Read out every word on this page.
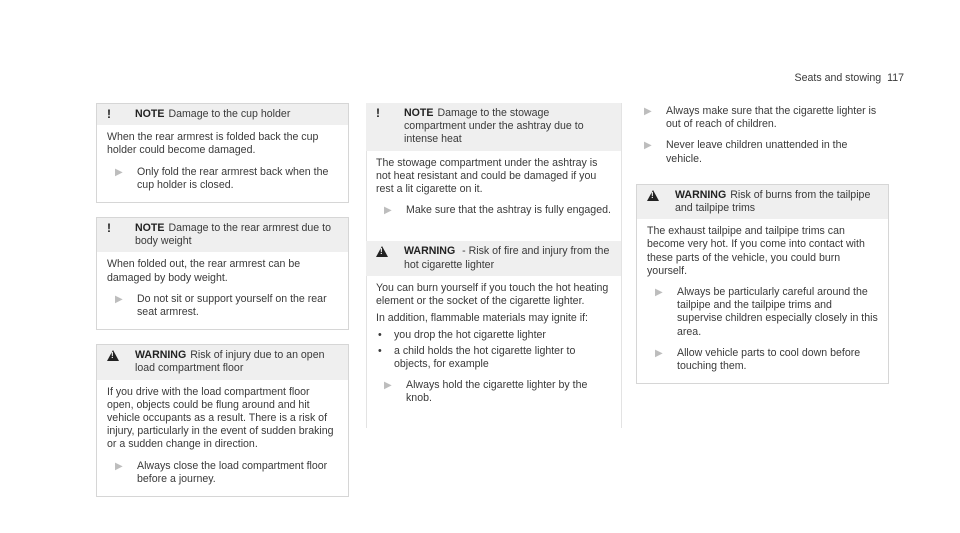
Seats and stowing 117
!	NOTE Damage to the cup holder

When the rear armrest is folded back the cup holder could become damaged.

▶	Only fold the rear armrest back when the cup holder is closed.
!	NOTE Damage to the rear armrest due to body weight

When folded out, the rear armrest can be damaged by body weight.

▶	Do not sit or support yourself on the rear seat armrest.
!
WARNING Risk of injury due to an open load compartment floor

If you drive with the load compartment floor open, objects could be flung around and hit vehicle occupants as a result. There is a risk of injury, particularly in the event of sudden braking or a sudden change in direction.

▶	Always close the load compartment floor before a journey.
!	NOTE Damage to the stowage compartment under the ashtray due to intense heat

The stowage compartment under the ashtray is not heat resistant and could be damaged if you rest a lit cigarette on it.

▶	Make sure that the ashtray is fully engaged.
!
WARNING - Risk of fire and injury from the hot cigarette lighter

You can burn yourself if you touch the hot heating element or the socket of the cigarette lighter.

In addition, flammable materials may ignite if:

•	you drop the hot cigarette lighter
•	a child holds the hot cigarette lighter to objects, for example
▶	Always hold the cigarette lighter by the knob.
▶	Always make sure that the cigarette lighter is out of reach of children.
▶	Never leave children unattended in the vehicle.
!
WARNING Risk of burns from the tailpipe and tailpipe trims

The exhaust tailpipe and tailpipe trims can become very hot. If you come into contact with these parts of the vehicle, you could burn yourself.

▶	Always be particularly careful around the tailpipe and the tailpipe trims and supervise children especially closely in this area.
▶	Allow vehicle parts to cool down before touching them.
